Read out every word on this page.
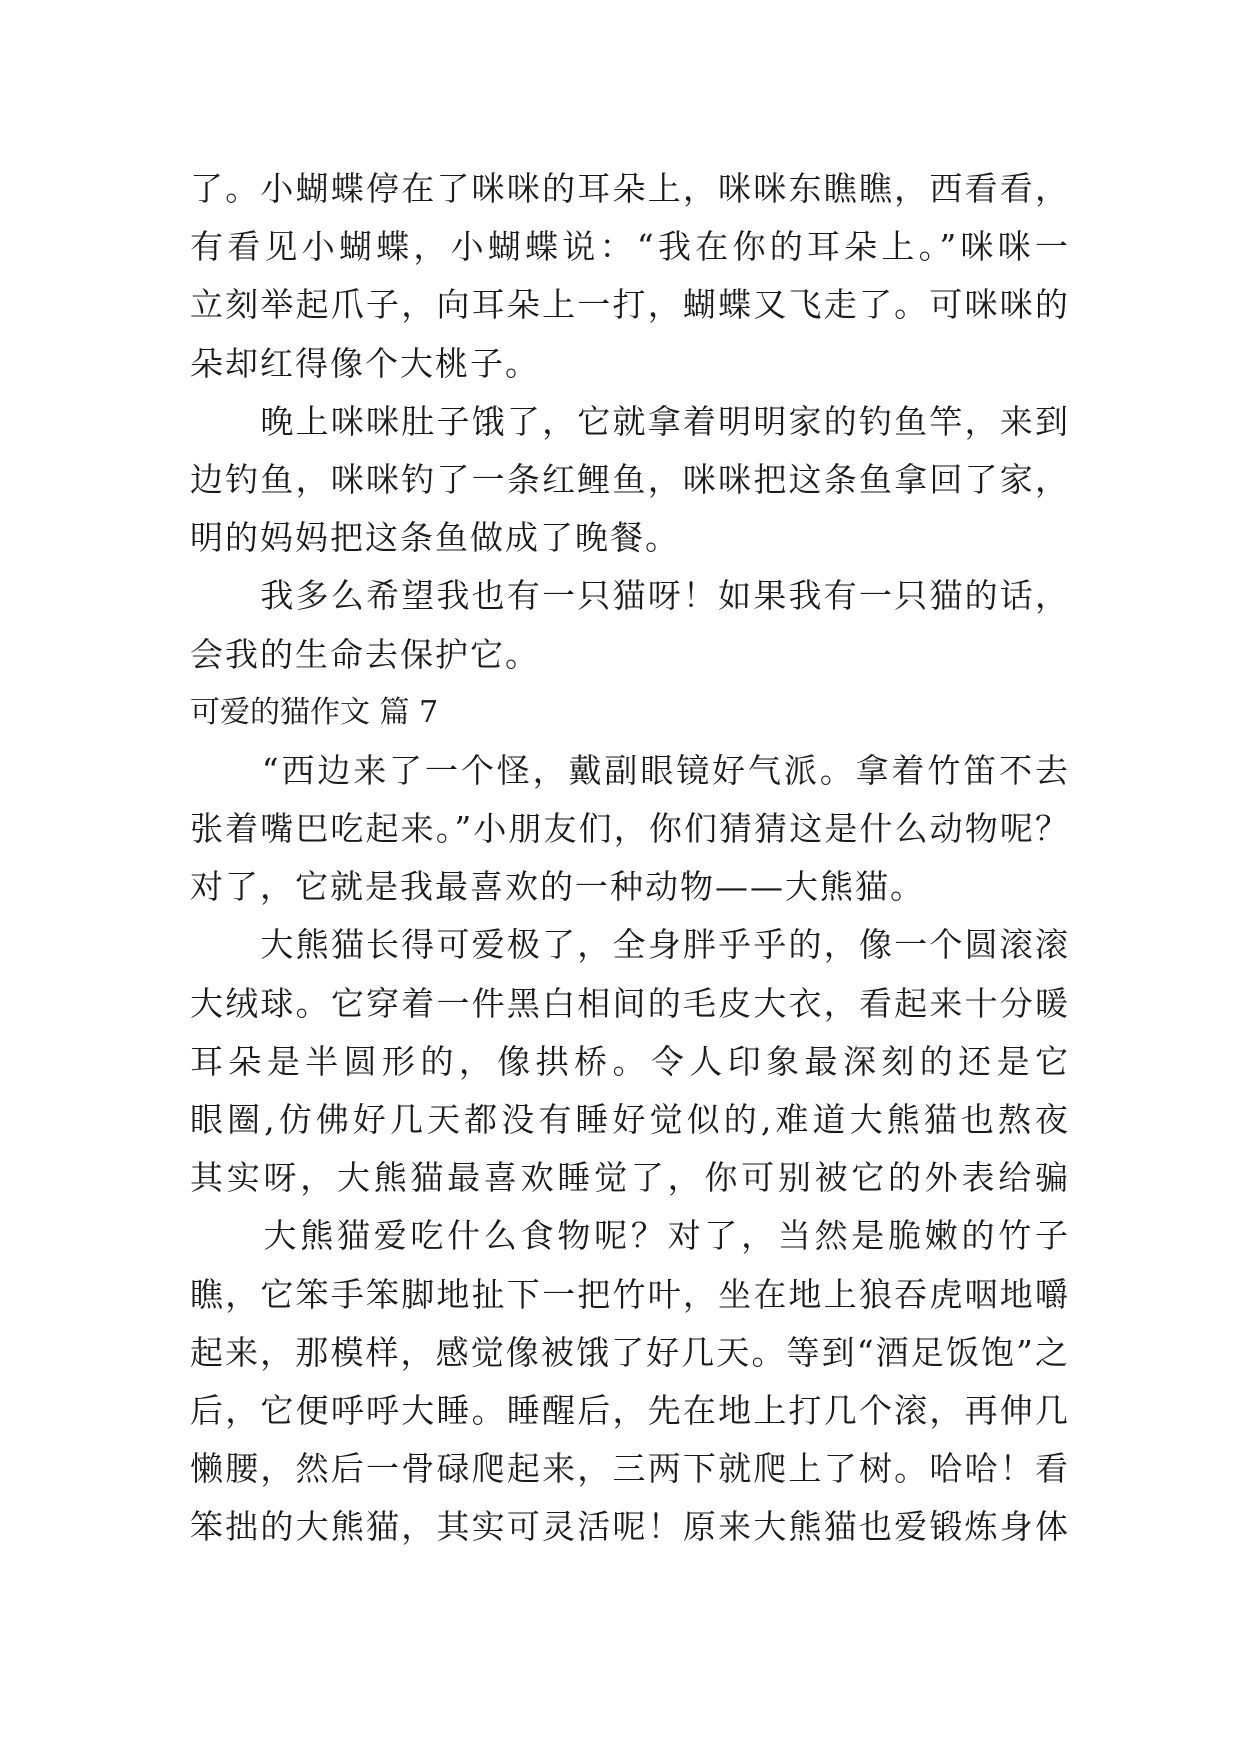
了。小蝴蝶停在了咪咪的耳朵上，咪咪东瞧瞧，西看看，
有看见小蝴蝶，小蝴蝶说：“我在你的耳朵上。”咪咪一
立刻举起爪子，向耳朵上一打，蝴蝶又飞走了。可咪咪的
朵却红得像个大桃子。
　　晚上咪咪肚子饿了，它就拿着明明家的钓鱼竿，来到
边钓鱼，咪咪钓了一条红鲤鱼，咪咪把这条鱼拿回了家，
明的妈妈把这条鱼做成了晚餐。
　　我多么希望我也有一只猫呀！如果我有一只猫的话，
会我的生命去保护它。
可爱的猫作文 篇 7
　　“西边来了一个怪，戴副眼镜好气派。拿着竹笛不去
张着嘴巴吃起来。”小朋友们，你们猜猜这是什么动物呢？
对了，它就是我最喜欢的一种动物——大熊猫。
　　大熊猫长得可爱极了，全身胖乎乎的，像一个圆滚滚
大绒球。它穿着一件黑白相间的毛皮大衣，看起来十分暖
耳朵是半圆形的，像拱桥。令人印象最深刻的还是它
眼圈,仿佛好几天都没有睡好觉似的,难道大熊猫也熬夜
其实呀，大熊猫最喜欢睡觉了，你可别被它的外表给骗
　　大熊猫爱吃什么食物呢？对了，当然是脆嫩的竹子
瞧，它笨手笨脚地扯下一把竹叶，坐在地上狼吞虎咽地嚼
起来，那模样，感觉像被饿了好几天。等到“酒足饭饱”之
后，它便呼呼大睡。睡醒后，先在地上打几个滚，再伸几
懒腰，然后一骨碌爬起来，三两下就爬上了树。哈哈！看
笨拙的大熊猫，其实可灵活呢！原来大熊猫也爱锻炼身体
